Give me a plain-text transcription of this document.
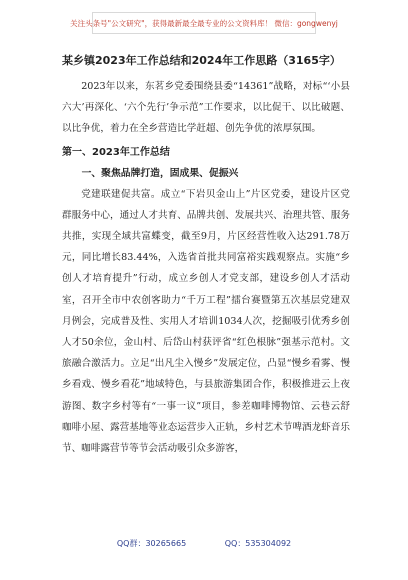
关注头条号"公文研究"，获得最新最全最专业的公文资料库！ 微信：gongwenyj

某乡镇2023年工作总结和2024年工作思路（3165字）

2023年以来，东茗乡党委围绕县委“14361”战略，对标“‘小县六大’再深化、‘六个先行’争示范”工作要求，以比促干、以比破题、以比争优，着力在全乡营造比学赶超、创先争优的浓厚氛围。

第一、2023年工作总结

一、聚焦品牌打造，固成果、促振兴

党建联建促共富。成立“下岩贝金山上”片区党委，建设片区党群服务中心，通过人才共育、品牌共创、发展共兴、治理共管、服务共推，实现全域共富蝶变，截至9月，片区经营性收入达291.78万元，同比增长83.44%，入选省首批共同富裕实践观察点。实施“乡创人才培育提升”行动，成立乡创人才党支部，建设乡创人才活动室，召开全市中农创客助力“千万工程”擂台赛暨第五次基层党建双月例会，完成普及性、实用人才培训1034人次，挖掘吸引优秀乡创人才50余位，金山村、后岱山村获评省“红色根脉”强基示范村。文旅融合激活力。立足“出凡尘入慢乡”发展定位，凸显“慢乡看雾、慢乡看戏、慢乡看花”地域特色，与县旅游集团合作，积极推进云上夜游图、数字乡村等有“一事一议”项目，参差咖啡博物馆、云巷云舒咖啡小屋、露营基地等业态运营步入正轨，乡村艺术节啤酒龙虾音乐节、咖啡露营节等节会活动吸引众多游客，

QQ群：30265665	QQ：535304092
